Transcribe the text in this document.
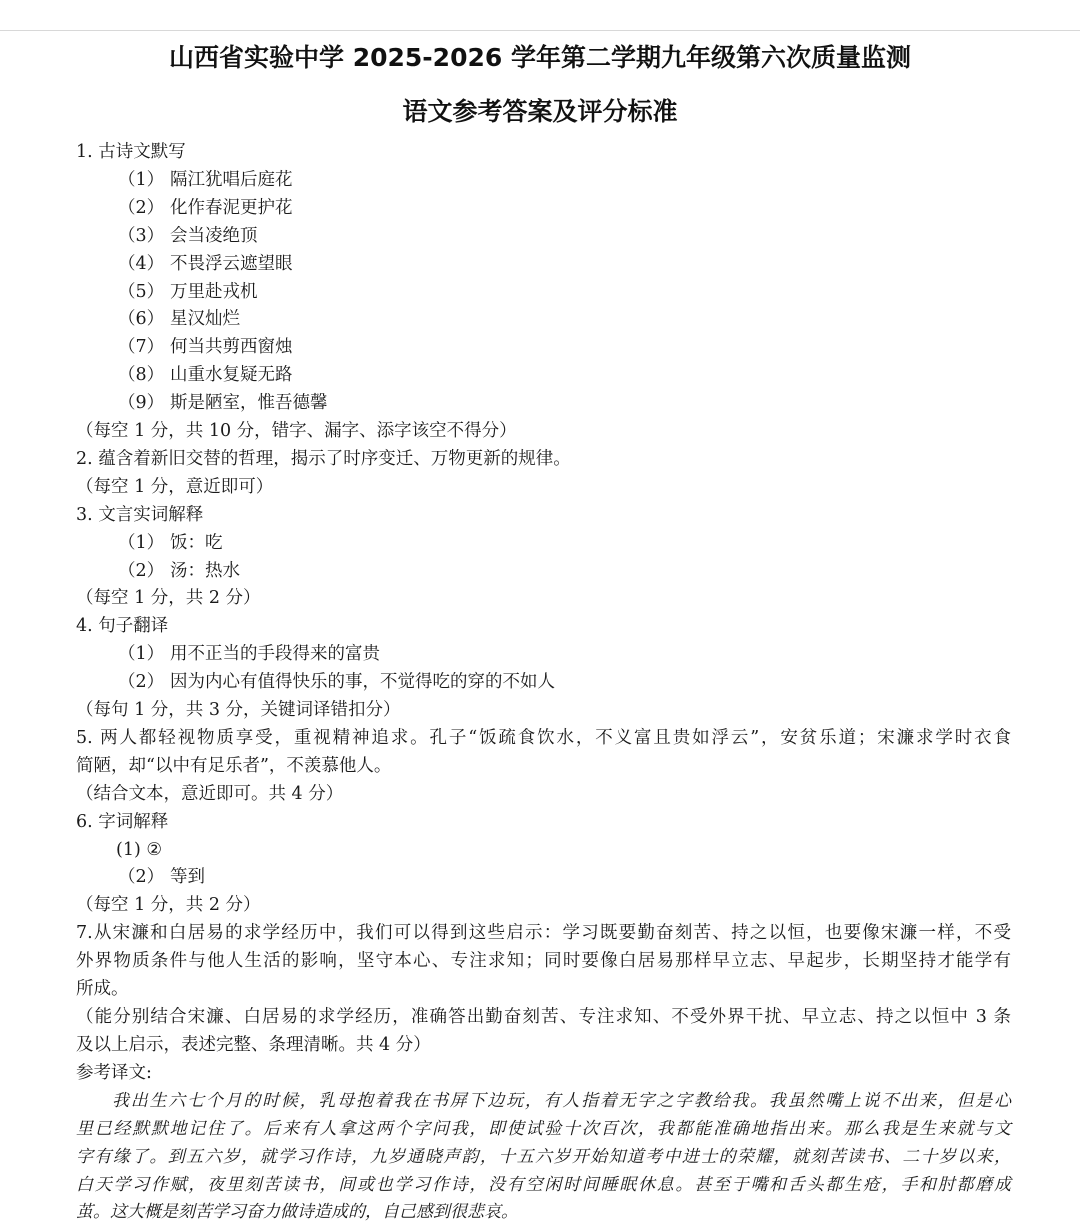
山西省实验中学 2025-2026 学年第二学期九年级第六次质量监测
语文参考答案及评分标准
1. 古诗文默写
（1） 隔江犹唱后庭花
（2） 化作春泥更护花
（3） 会当凌绝顶
（4） 不畏浮云遮望眼
（5） 万里赴戎机
（6） 星汉灿烂
（7） 何当共剪西窗烛
（8） 山重水复疑无路
（9） 斯是陋室，惟吾德馨
（每空 1 分，共 10 分，错字、漏字、添字该空不得分）
2. 蕴含着新旧交替的哲理，揭示了时序变迁、万物更新的规律。
（每空 1 分，意近即可）
3. 文言实词解释
（1） 饭：吃
（2） 汤：热水
（每空 1 分，共 2 分）
4. 句子翻译
（1） 用不正当的手段得来的富贵
（2） 因为内心有值得快乐的事，不觉得吃的穿的不如人
（每句 1 分，共 3 分，关键词译错扣分）
5. 两人都轻视物质享受，重视精神追求。孔子“饭疏食饮水，不义富且贵如浮云”，安贫乐道；宋濂求学时衣食
简陋，却“以中有足乐者”，不羡慕他人。
（结合文本，意近即可。共 4 分）
6. 字词解释
(1) ②
（2） 等到
（每空 1 分，共 2 分）
7.从宋濂和白居易的求学经历中，我们可以得到这些启示：学习既要勤奋刻苦、持之以恒，也要像宋濂一样，不受
外界物质条件与他人生活的影响，坚守本心、专注求知；同时要像白居易那样早立志、早起步，长期坚持才能学有
所成。
（能分别结合宋濂、白居易的求学经历，准确答出勤奋刻苦、专注求知、不受外界干扰、早立志、持之以恒中 3 条
及以上启示，表述完整、条理清晰。共 4 分）
参考译文:
我出生六七个月的时候，乳母抱着我在书屏下边玩，有人指着无字之字教给我。我虽然嘴上说不出来，但是心
里已经默默地记住了。后来有人拿这两个字问我，即使试验十次百次，我都能准确地指出来。那么我是生来就与文
字有缘了。到五六岁，就学习作诗，九岁通晓声韵，十五六岁开始知道考中进士的荣耀，就刻苦读书、二十岁以来，
白天学习作赋，夜里刻苦读书，间或也学习作诗，没有空闲时间睡眠休息。甚至于嘴和舌头都生疮，手和肘都磨成
茧。这大概是刻苦学习奋力做诗造成的，自己感到很悲哀。
